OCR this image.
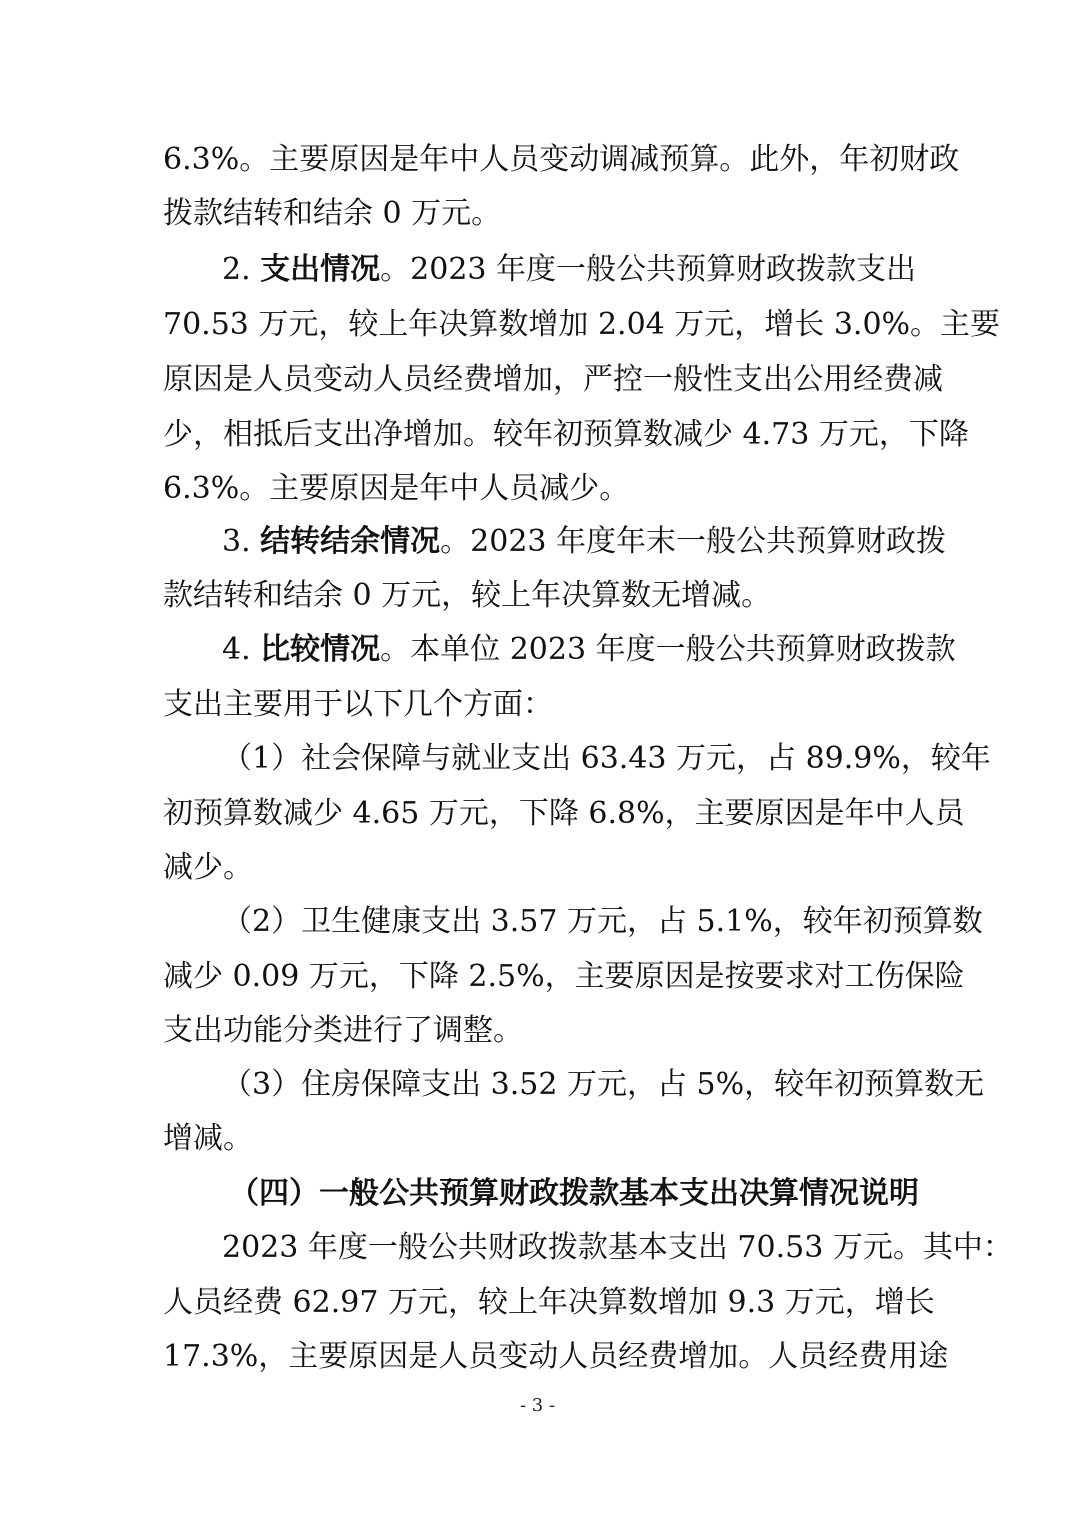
6.3%。主要原因是年中人员变动调减预算。此外，年初财政
拨款结转和结余 0 万元。
2. 支出情况。2023 年度一般公共预算财政拨款支出
70.53 万元，较上年决算数增加 2.04 万元，增长 3.0%。主要
原因是人员变动人员经费增加，严控一般性支出公用经费减
少，相抵后支出净增加。较年初预算数减少 4.73 万元，下降
6.3%。主要原因是年中人员减少。
3. 结转结余情况。2023 年度年末一般公共预算财政拨
款结转和结余 0 万元，较上年决算数无增减。
4. 比较情况。本单位 2023 年度一般公共预算财政拨款
支出主要用于以下几个方面：
（1）社会保障与就业支出 63.43 万元，占 89.9%，较年
初预算数减少 4.65 万元，下降 6.8%，主要原因是年中人员
减少。
（2）卫生健康支出 3.57 万元，占 5.1%，较年初预算数
减少 0.09 万元，下降 2.5%，主要原因是按要求对工伤保险
支出功能分类进行了调整。
（3）住房保障支出 3.52 万元，占 5%，较年初预算数无
增减。
（四）一般公共预算财政拨款基本支出决算情况说明
2023 年度一般公共财政拨款基本支出 70.53 万元。其中：
人员经费 62.97 万元，较上年决算数增加 9.3 万元，增长
17.3%，主要原因是人员变动人员经费增加。人员经费用途
- 3 -
